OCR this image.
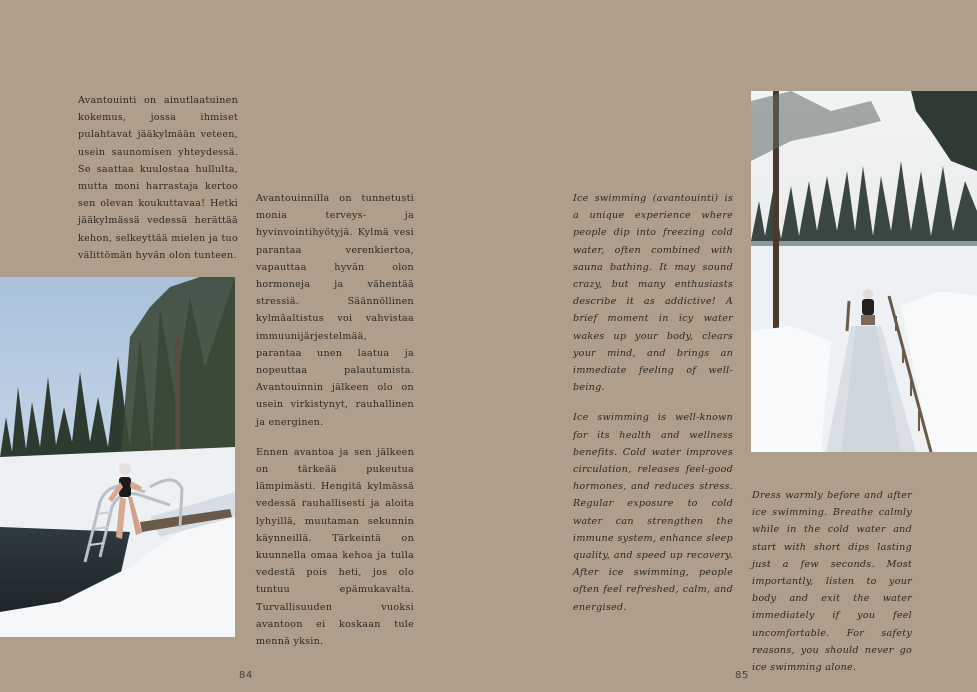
Avantouinti on ainutlaatuinen kokemus, jossa ihmiset pulahtavat jääkylmään veteen, usein saunomisen yhteydessä. Se saattaa kuulostaa hullulta, mutta moni harrastaja kertoo sen olevan koukuttavaa! Hetki jääkylmässä vedessä herättää kehon, selkeyttää mielen ja tuo välittömän hyvän olon tunteen.

Avantouinnilla on tunnetusti monia terveys- ja hyvinvointihyötyjä. Kylmä vesi parantaa verenkiertoa, vapauttaa hyvän olon hormoneja ja vähentää stressiä. Säännöllinen kylmäaltistus voi vahvistaa immuunijärjestelmää, parantaa unen laatua ja nopeuttaa palautumista. Avantouinnin jälkeen olo on usein virkistynyt, rauhallinen ja energinen.

Ennen avantoa ja sen jälkeen on tärkeää pukeutua lämpimästi. Hengitä kylmässä vedessä rauhallisesti ja aloita lyhyillä, muutaman sekunnin käynneillä. Tärkeintä on kuunnella omaa kehoa ja tulla vedestä pois heti, jos olo tuntuu epämukavalta. Turvallisuuden vuoksi avantoon ei koskaan tule mennä yksin.

84

Ice swimming (avantouinti) is a unique experience where people dip into freezing cold water, often combined with sauna bathing. It may sound crazy, but many enthusiasts describe it as addictive! A brief moment in icy water wakes up your body, clears your mind, and brings an immediate feeling of well- being.

Ice swimming is well-known for its health and wellness benefits. Cold water improves circulation, releases feel-good hormones, and reduces stress. Regular exposure to cold water can strengthen the immune system, enhance sleep quality, and speed up recovery. After ice swimming, people often feel refreshed, calm, and energised.

Dress warmly before and after ice swimming. Breathe calmly while in the cold water and start with short dips lasting just a few seconds. Most importantly, listen to your body and exit the water immediately if you feel uncomfortable. For safety reasons, you should never go ice swimming alone.

85
